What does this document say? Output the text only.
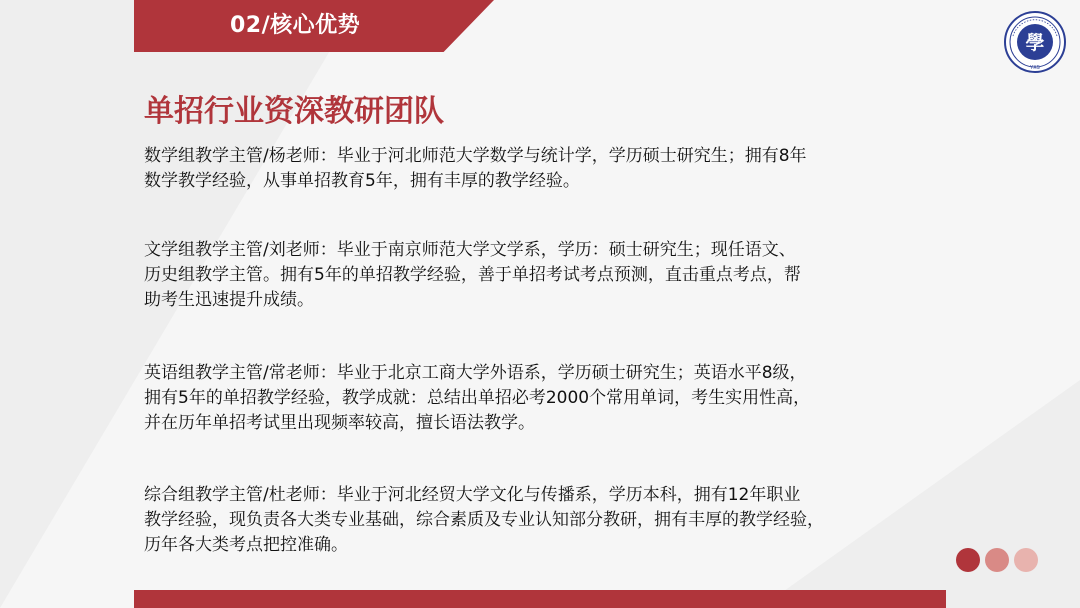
02/核心优势
學
YXS
单招行业资深教研团队
数学组教学主管/杨老师：毕业于河北师范大学数学与统计学，学历硕士研究生；拥有8年
数学教学经验，从事单招教育5年，拥有丰厚的教学经验。
文学组教学主管/刘老师：毕业于南京师范大学文学系，学历：硕士研究生；现任语文、
历史组教学主管。拥有5年的单招教学经验，善于单招考试考点预测，直击重点考点，帮
助考生迅速提升成绩。
英语组教学主管/常老师：毕业于北京工商大学外语系，学历硕士研究生；英语水平8级，
拥有5年的单招教学经验，教学成就：总结出单招必考2000个常用单词，考生实用性高，
并在历年单招考试里出现频率较高，擅长语法教学。
综合组教学主管/杜老师：毕业于河北经贸大学文化与传播系，学历本科，拥有12年职业
教学经验，现负责各大类专业基础，综合素质及专业认知部分教研，拥有丰厚的教学经验，
历年各大类考点把控准确。
